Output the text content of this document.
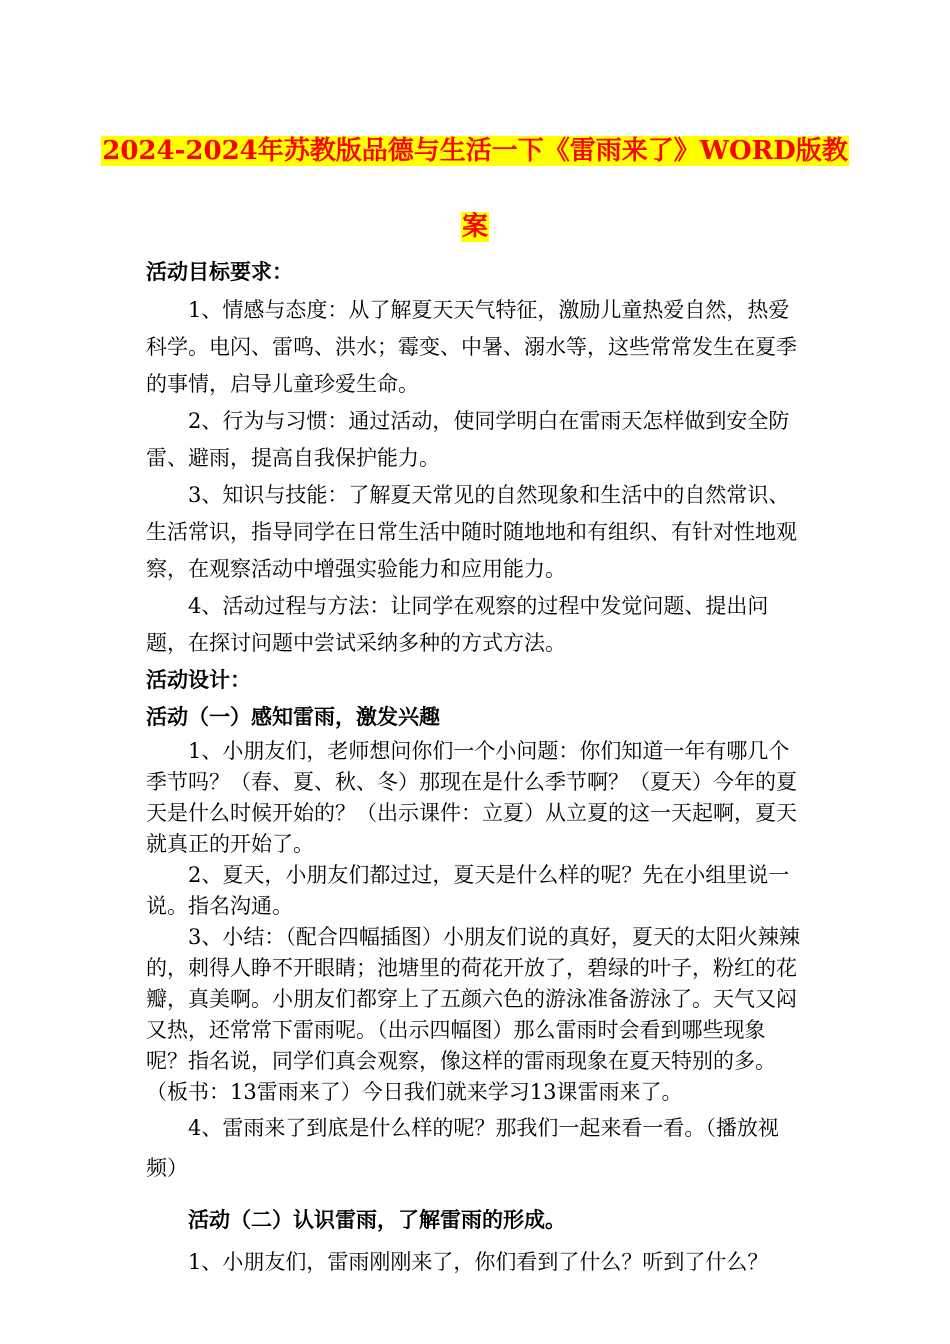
2024-2024年苏教版品德与生活一下《雷雨来了》WORD版教
案

活动目标要求：

1、情感与态度：从了解夏天天气特征，激励儿童热爱自然，热爱科学。电闪、雷鸣、洪水；霉变、中暑、溺水等，这些常常发生在夏季的事情，启导儿童珍爱生命。

2、行为与习惯：通过活动，使同学明白在雷雨天怎样做到安全防雷、避雨，提高自我保护能力。

3、知识与技能：了解夏天常见的自然现象和生活中的自然常识、生活常识，指导同学在日常生活中随时随地地和有组织、有针对性地观察，在观察活动中增强实验能力和应用能力。

4、活动过程与方法：让同学在观察的过程中发觉问题、提出问题，在探讨问题中尝试采纳多种的方式方法。

活动设计：

活动（一）感知雷雨，激发兴趣

1、小朋友们，老师想问你们一个小问题：你们知道一年有哪几个季节吗？（春、夏、秋、冬）那现在是什么季节啊？（夏天）今年的夏天是什么时候开始的？（出示课件：立夏）从立夏的这一天起啊，夏天就真正的开始了。

2、夏天，小朋友们都过过，夏天是什么样的呢？先在小组里说一说。指名沟通。

3、小结：（配合四幅插图）小朋友们说的真好，夏天的太阳火辣辣的，刺得人睁不开眼睛；池塘里的荷花开放了，碧绿的叶子，粉红的花瓣，真美啊。小朋友们都穿上了五颜六色的游泳准备游泳了。天气又闷又热，还常常下雷雨呢。（出示四幅图）那么雷雨时会看到哪些现象呢？指名说，同学们真会观察，像这样的雷雨现象在夏天特别的多。（板书：13雷雨来了）今日我们就来学习13课雷雨来了。

4、雷雨来了到底是什么样的呢？那我们一起来看一看。（播放视频）

活动（二）认识雷雨，了解雷雨的形成。

1、小朋友们，雷雨刚刚来了，你们看到了什么？听到了什么？
